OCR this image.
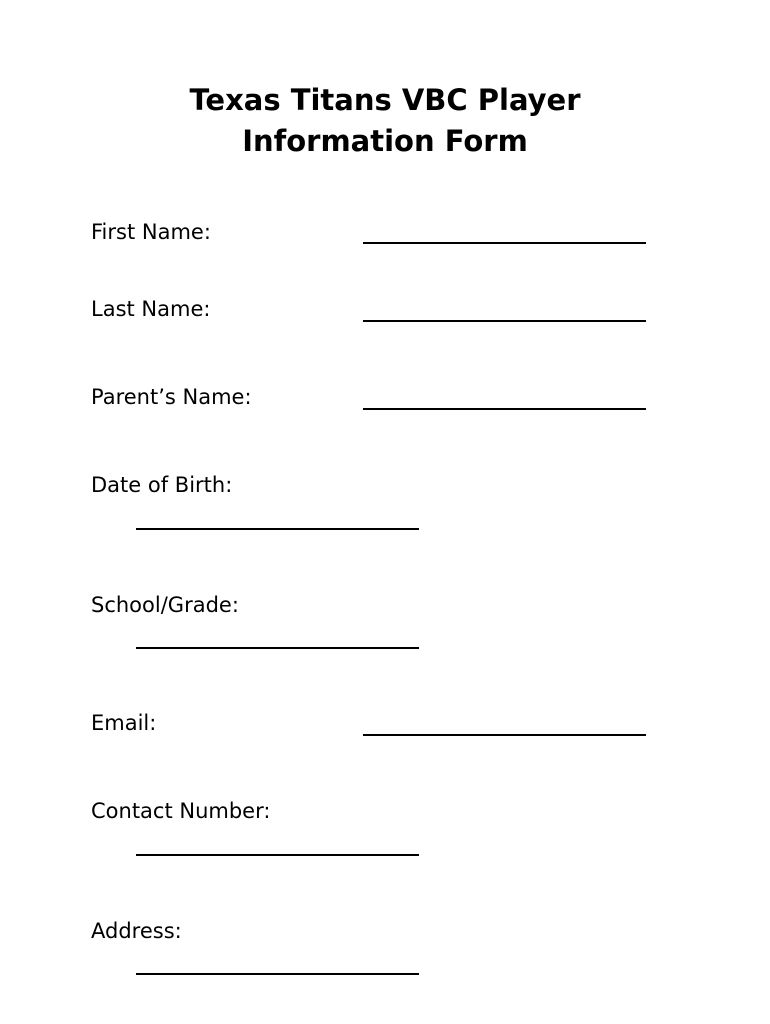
Texas Titans VBC Player
Information Form
First Name:
Last Name:
Parent’s Name:
Date of Birth:
School/Grade:
Email:
Contact Number:
Address:
